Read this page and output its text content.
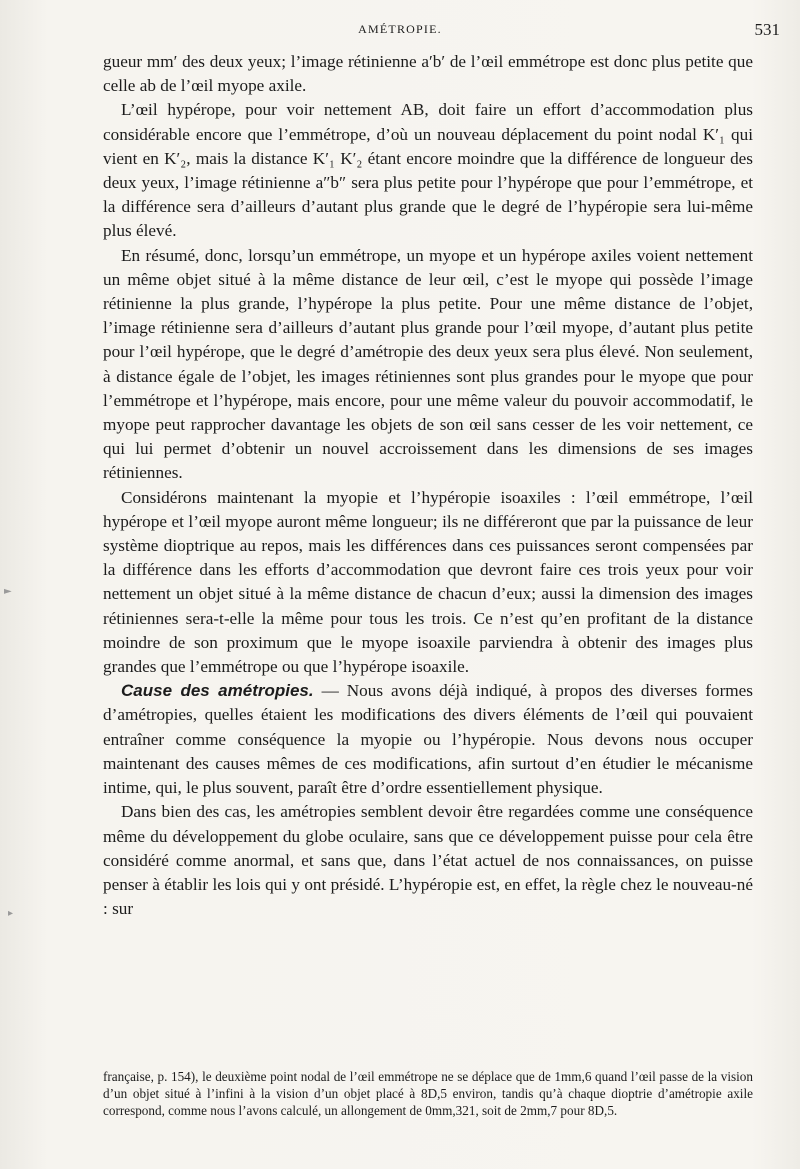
AMÉTROPIE.	531

gueur mm′ des deux yeux; l’image rétinienne a′b′ de l’œil emmétrope est donc plus petite que celle ab de l’œil myope axile.

L’œil hypérope, pour voir nettement AB, doit faire un effort d’accommodation plus considérable encore que l’emmétrope, d’où un nouveau déplacement du point nodal K′₁ qui vient en K′₂, mais la distance K′₁ K′₂ étant encore moindre que la différence de longueur des deux yeux, l’image rétinienne a″b″ sera plus petite pour l’hypérope que pour l’emmétrope, et la différence sera d’ailleurs d’autant plus grande que le degré de l’hypéropie sera lui-même plus élevé.

En résumé, donc, lorsqu’un emmétrope, un myope et un hypérope axiles voient nettement un même objet situé à la même distance de leur œil, c’est le myope qui possède l’image rétinienne la plus grande, l’hypérope la plus petite. Pour une même distance de l’objet, l’image rétinienne sera d’ailleurs d’autant plus grande pour l’œil myope, d’autant plus petite pour l’œil hypérope, que le degré d’amétropie des deux yeux sera plus élevé. Non seulement, à distance égale de l’objet, les images rétiniennes sont plus grandes pour le myope que pour l’emmétrope et l’hypérope, mais encore, pour une même valeur du pouvoir accommodatif, le myope peut rapprocher davantage les objets de son œil sans cesser de les voir nettement, ce qui lui permet d’obtenir un nouvel accroissement dans les dimensions de ses images rétiniennes.

Considérons maintenant la myopie et l’hypéropie isoaxiles : l’œil emmétrope, l’œil hypérope et l’œil myope auront même longueur; ils ne différeront que par la puissance de leur système dioptrique au repos, mais les différences dans ces puissances seront compensées par la différence dans les efforts d’accommodation que devront faire ces trois yeux pour voir nettement un objet situé à la même distance de chacun d’eux; aussi la dimension des images rétiniennes sera-t-elle la même pour tous les trois. Ce n’est qu’en profitant de la distance moindre de son proximum que le myope isoaxile parviendra à obtenir des images plus grandes que l’emmétrope ou que l’hypérope isoaxile.

Cause des amétropies. — Nous avons déjà indiqué, à propos des diverses formes d’amétropies, quelles étaient les modifications des divers éléments de l’œil qui pouvaient entraîner comme conséquence la myopie ou l’hypéropie. Nous devons nous occuper maintenant des causes mêmes de ces modifications, afin surtout d’en étudier le mécanisme intime, qui, le plus souvent, paraît être d’ordre essentiellement physique.

Dans bien des cas, les amétropies semblent devoir être regardées comme une conséquence même du développement du globe oculaire, sans que ce développement puisse pour cela être considéré comme anormal, et sans que, dans l’état actuel de nos connaissances, on puisse penser à établir les lois qui y ont présidé. L’hypéropie est, en effet, la règle chez le nouveau-né : sur

française, p. 154), le deuxième point nodal de l’œil emmétrope ne se déplace que de 1mm,6 quand l’œil passe de la vision d’un objet situé à l’infini à la vision d’un objet placé à 8D,5 environ, tandis qu’à chaque dioptrie d’amétropie axile correspond, comme nous l’avons calculé, un allongement de 0mm,321, soit de 2mm,7 pour 8D,5.

►
▸
